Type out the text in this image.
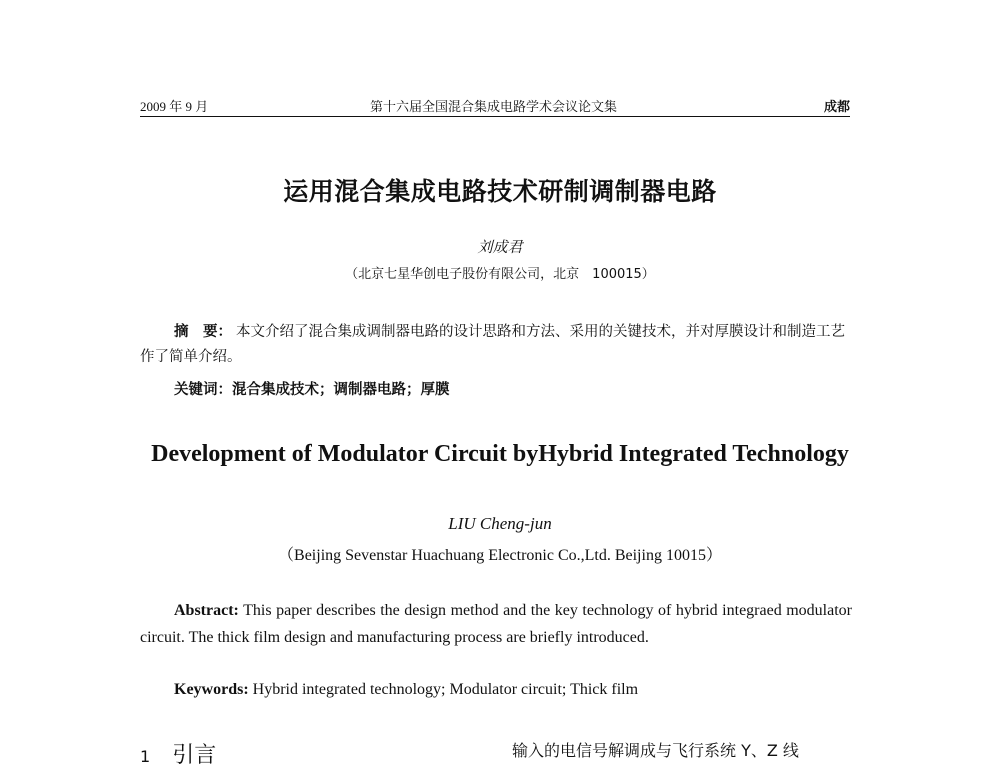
2009 年 9 月	第十六届全国混合集成电路学术会议论文集	成都
运用混合集成电路技术研制调制器电路
刘成君
（北京七星华创电子股份有限公司，北京　100015）
摘　要： 本文介绍了混合集成调制器电路的设计思路和方法、采用的关键技术，并对厚膜设计和制造工艺作了简单介绍。
关键词：混合集成技术；调制器电路；厚膜
Development of Modulator Circuit byHybrid Integrated Technology
LIU Cheng-jun
（Beijing Sevenstar Huachuang Electronic Co.,Ltd. Beijing 10015）
Abstract: This paper describes the design method and the key technology of hybrid integraed modulator circuit. The thick film design and manufacturing process are briefly introduced.
Keywords: Hybrid integrated technology; Modulator circuit; Thick film
1 引言	输入的电信号解调成与飞行系统 Y、Z 线
